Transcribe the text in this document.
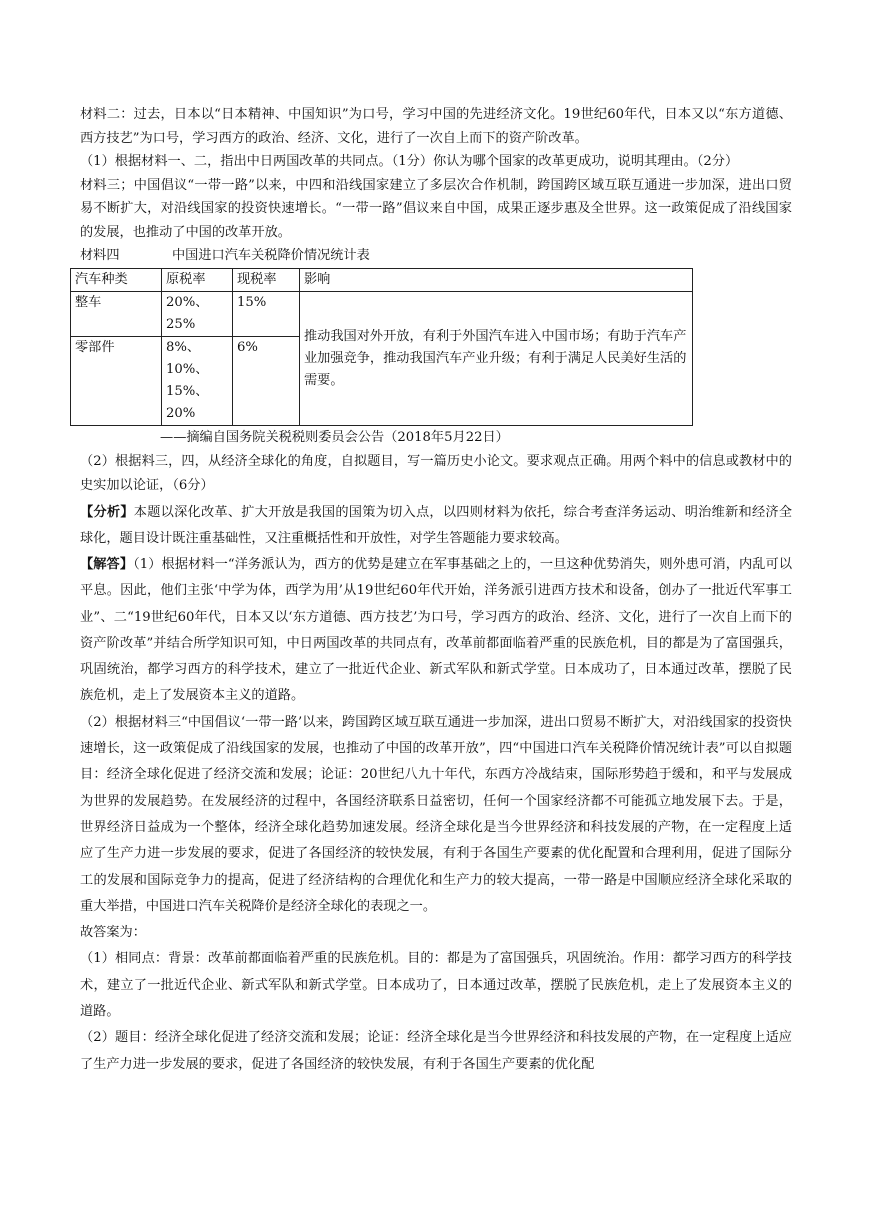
材料二：过去，日本以“日本精神、中国知识”为口号，学习中国的先进经济文化。19世纪60年代，日本又以“东方道德、西方技艺”为口号，学习西方的政治、经济、文化，进行了一次自上而下的资产阶改革。

（1）根据材料一、二，指出中日两国改革的共同点。（1分）你认为哪个国家的改革更成功，说明其理由。（2分）

材料三；中国倡议“一带一路”以来，中四和沿线国家建立了多层次合作机制，跨国跨区域互联互通进一步加深，进出口贸易不断扩大，对沿线国家的投资快速增长。“一带一路”倡议来自中国，成果正逐步惠及全世界。这一政策促成了沿线国家的发展，也推动了中国的改革开放。

材料四	中国进口汽车关税降价情况统计表
汽车种类	原税率	现税率	影响
整车	20%、25%	15%	推动我国对外开放，有利于外国汽车进入中国市场；有助于汽车产业加强竞争，推动我国汽车产业升级；有利于满足人民美好生活的需要。
零部件	8%、10%、15%、20%	6%	
——摘编自国务院关税税则委员会公告（2018年5月22日）

（2）根据料三，四，从经济全球化的角度，自拟题目，写一篇历史小论文。要求观点正确。用两个料中的信息或教材中的史实加以论证，（6分）

【分析】本题以深化改革、扩大开放是我国的国策为切入点，以四则材料为依托，综合考查洋务运动、明治维新和经济全球化，题目设计既注重基础性，又注重概括性和开放性，对学生答题能力要求较高。

【解答】（1）根据材料一“洋务派认为，西方的优势是建立在军事基础之上的，一旦这种优势消失，则外患可消，内乱可以平息。因此，他们主张‘中学为体，西学为用’从19世纪60年代开始，洋务派引进西方技术和设备，创办了一批近代军事工业”、二“19世纪60年代，日本又以‘东方道德、西方技艺’为口号，学习西方的政治、经济、文化，进行了一次自上而下的资产阶改革”并结合所学知识可知，中日两国改革的共同点有，改革前都面临着严重的民族危机，目的都是为了富国强兵，巩固统治，都学习西方的科学技术，建立了一批近代企业、新式军队和新式学堂。日本成功了，日本通过改革，摆脱了民族危机，走上了发展资本主义的道路。

（2）根据材料三“中国倡议‘一带一路’以来，跨国跨区域互联互通进一步加深，进出口贸易不断扩大，对沿线国家的投资快速增长，这一政策促成了沿线国家的发展，也推动了中国的改革开放”，四“中国进口汽车关税降价情况统计表”可以自拟题目：经济全球化促进了经济交流和发展；论证：20世纪八九十年代，东西方冷战结束，国际形势趋于缓和，和平与发展成为世界的发展趋势。在发展经济的过程中，各国经济联系日益密切，任何一个国家经济都不可能孤立地发展下去。于是，世界经济日益成为一个整体，经济全球化趋势加速发展。经济全球化是当今世界经济和科技发展的产物，在一定程度上适应了生产力进一步发展的要求，促进了各国经济的较快发展，有利于各国生产要素的优化配置和合理利用，促进了国际分工的发展和国际竞争力的提高，促进了经济结构的合理优化和生产力的较大提高，一带一路是中国顺应经济全球化采取的重大举措，中国进口汽车关税降价是经济全球化的表现之一。

故答案为：

（1）相同点：背景：改革前都面临着严重的民族危机。目的：都是为了富国强兵，巩固统治。作用：都学习西方的科学技术，建立了一批近代企业、新式军队和新式学堂。日本成功了，日本通过改革，摆脱了民族危机，走上了发展资本主义的道路。

（2）题目：经济全球化促进了经济交流和发展；论证：经济全球化是当今世界经济和科技发展的产物，在一定程度上适应了生产力进一步发展的要求，促进了各国经济的较快发展，有利于各国生产要素的优化配
